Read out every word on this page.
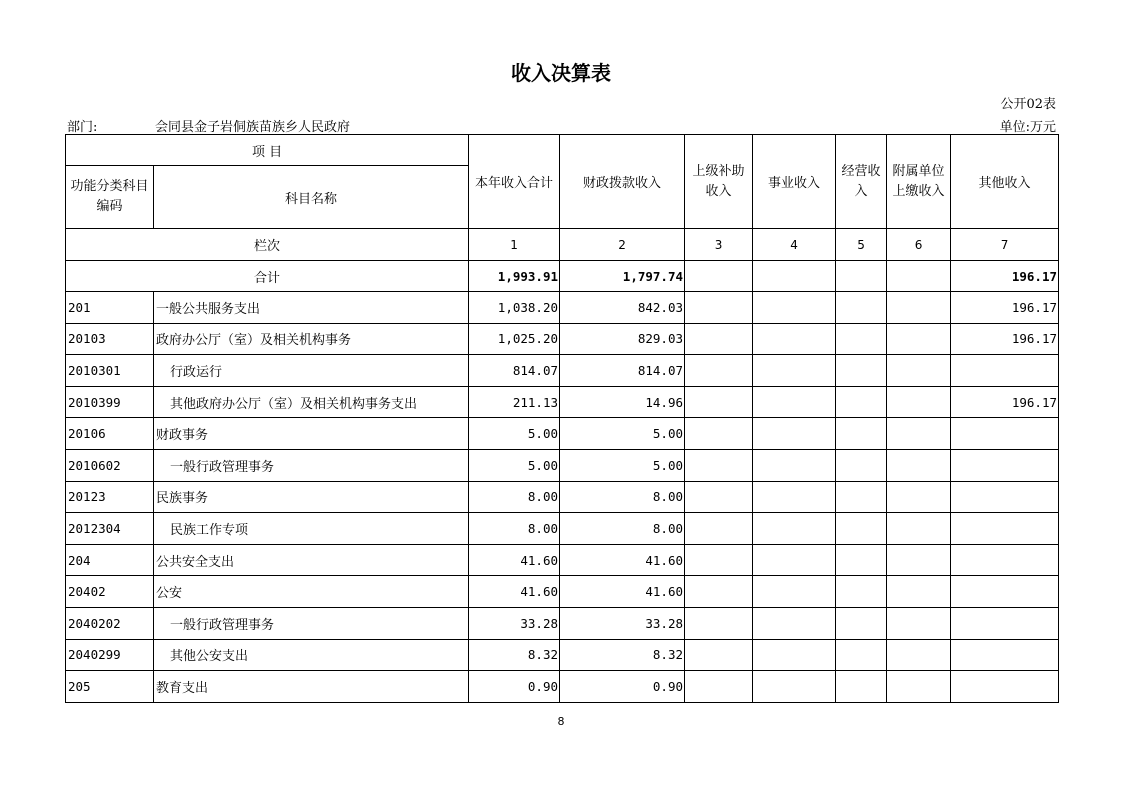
收入决算表
公开02表
部门:	会同县金子岩侗族苗族乡人民政府	单位:万元
项 目		本年收入合计	财政拨款收入	上级补助收入	事业收入	经营收入	附属单位上缴收入	其他收入
功能分类科目编码	科目名称							
栏次		1	2	3	4	5	6	7
合计		1,993.91	1,797.74					196.17
201	一般公共服务支出	1,038.20	842.03					196.17
20103	政府办公厅（室）及相关机构事务	1,025.20	829.03					196.17
2010301	行政运行	814.07	814.07					
2010399	其他政府办公厅（室）及相关机构事务支出	211.13	14.96					196.17
20106	财政事务	5.00	5.00					
2010602	一般行政管理事务	5.00	5.00					
20123	民族事务	8.00	8.00					
2012304	民族工作专项	8.00	8.00					
204	公共安全支出	41.60	41.60					
20402	公安	41.60	41.60					
2040202	一般行政管理事务	33.28	33.28					
2040299	其他公安支出	8.32	8.32					
205	教育支出	0.90	0.90					
8
